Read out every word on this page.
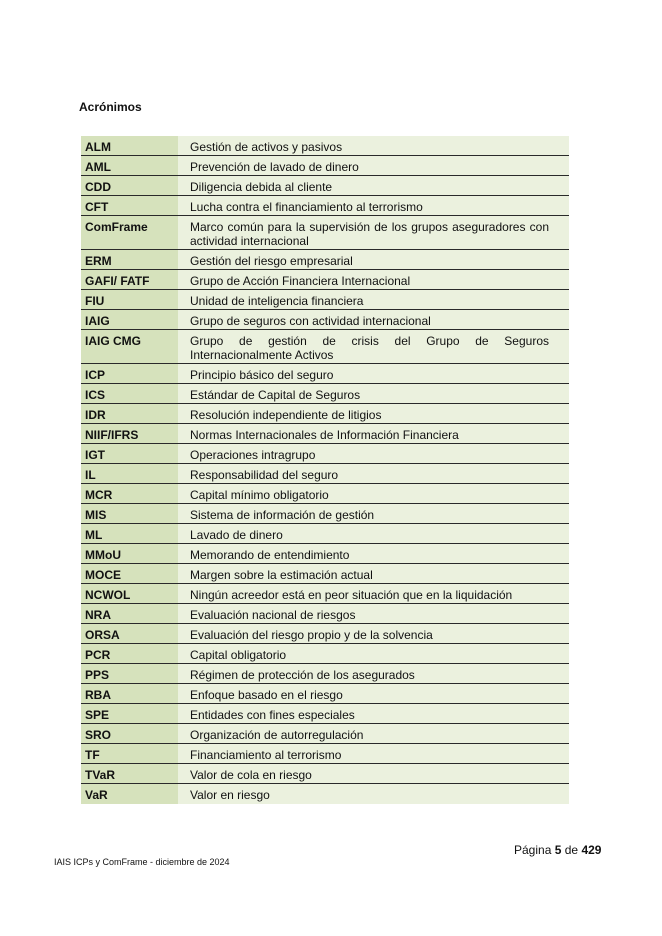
Acrónimos
ALM	Gestión de activos y pasivos
AML	Prevención de lavado de dinero
CDD	Diligencia debida al cliente
CFT	Lucha contra el financiamiento al terrorismo
ComFrame	Marco común para la supervisión de los grupos aseguradores con actividad internacional
ERM	Gestión del riesgo empresarial
GAFI/ FATF	Grupo de Acción Financiera Internacional
FIU	Unidad de inteligencia financiera
IAIG	Grupo de seguros con actividad internacional
IAIG CMG	Grupo de gestión de crisis del Grupo de Seguros Internacionalmente Activos
ICP	Principio básico del seguro
ICS	Estándar de Capital de Seguros
IDR	Resolución independiente de litigios
NIIF/IFRS	Normas Internacionales de Información Financiera
IGT	Operaciones intragrupo
IL	Responsabilidad del seguro
MCR	Capital mínimo obligatorio
MIS	Sistema de información de gestión
ML	Lavado de dinero
MMoU	Memorando de entendimiento
MOCE	Margen sobre la estimación actual
NCWOL	Ningún acreedor está en peor situación que en la liquidación
NRA	Evaluación nacional de riesgos
ORSA	Evaluación del riesgo propio y de la solvencia
PCR	Capital obligatorio
PPS	Régimen de protección de los asegurados
RBA	Enfoque basado en el riesgo
SPE	Entidades con fines especiales
SRO	Organización de autorregulación
TF	Financiamiento al terrorismo
TVaR	Valor de cola en riesgo
VaR	Valor en riesgo
IAIS ICPs y ComFrame - diciembre de 2024
Página 5 de 429
